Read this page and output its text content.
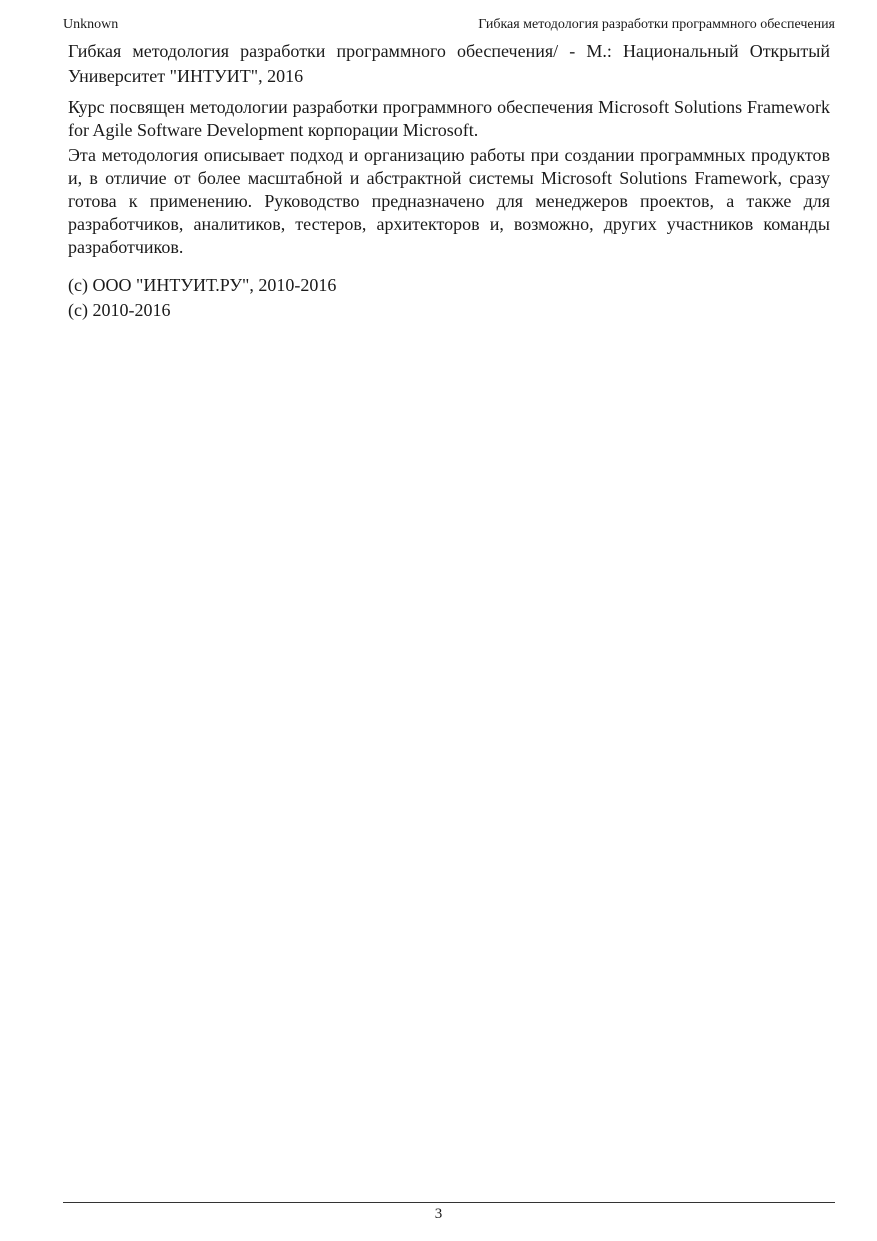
Unknown	Гибкая методология разработки программного обеспечения

Гибкая методология разработки программного обеспечения/ - М.: Национальный Открытый Университет "ИНТУИТ", 2016

Курс посвящен методологии разработки программного обеспечения Microsoft Solutions Framework for Agile Software Development корпорации Microsoft.

Эта методология описывает подход и организацию работы при создании программных продуктов и, в отличие от более масштабной и абстрактной системы Microsoft Solutions Framework, сразу готова к применению. Руководство предназначено для менеджеров проектов, а также для разработчиков, аналитиков, тестеров, архитекторов и, возможно, других участников команды разработчиков.

(c) ООО "ИНТУИТ.РУ", 2010-2016

(c) 2010-2016

3
